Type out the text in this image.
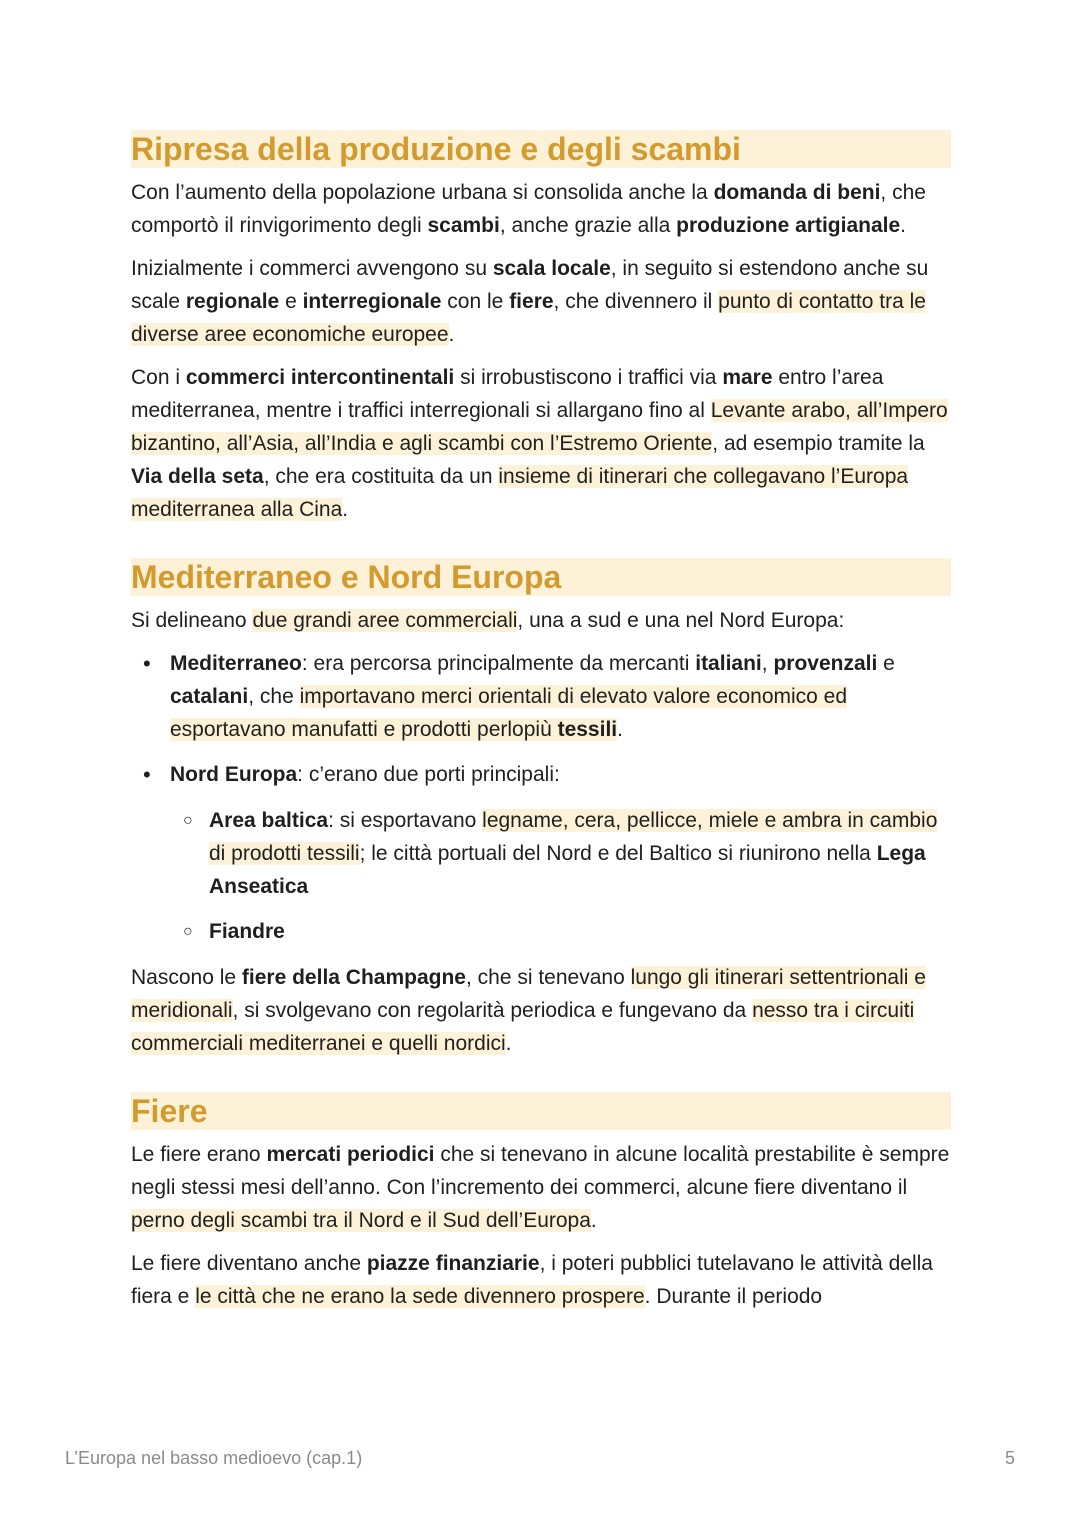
Ripresa della produzione e degli scambi

Con l’aumento della popolazione urbana si consolida anche la domanda di beni, che comportò il rinvigorimento degli scambi, anche grazie alla produzione artigianale.

Inizialmente i commerci avvengono su scala locale, in seguito si estendono anche su scale regionale e interregionale con le fiere, che divennero il punto di contatto tra le diverse aree economiche europee.

Con i commerci intercontinentali si irrobustiscono i traffici via mare entro l’area mediterranea, mentre i traffici interregionali si allargano fino al Levante arabo, all’Impero bizantino, all’Asia, all’India e agli scambi con l’Estremo Oriente, ad esempio tramite la Via della seta, che era costituita da un insieme di itinerari che collegavano l’Europa mediterranea alla Cina.

Mediterraneo e Nord Europa

Si delineano due grandi aree commerciali, una a sud e una nel Nord Europa:

• Mediterraneo: era percorsa principalmente da mercanti italiani, provenzali e catalani, che importavano merci orientali di elevato valore economico ed esportavano manufatti e prodotti perlopiù tessili.
• Nord Europa: c’erano due porti principali:
○ Area baltica: si esportavano legname, cera, pellicce, miele e ambra in cambio di prodotti tessili; le città portuali del Nord e del Baltico si riunirono nella Lega Anseatica
○ Fiandre

Nascono le fiere della Champagne, che si tenevano lungo gli itinerari settentrionali e meridionali, si svolgevano con regolarità periodica e fungevano da nesso tra i circuiti commerciali mediterranei e quelli nordici.

Fiere

Le fiere erano mercati periodici che si tenevano in alcune località prestabilite è sempre negli stessi mesi dell’anno. Con l’incremento dei commerci, alcune fiere diventano il perno degli scambi tra il Nord e il Sud dell’Europa.

Le fiere diventano anche piazze finanziarie, i poteri pubblici tutelavano le attività della fiera e le città che ne erano la sede divennero prospere. Durante il periodo

L’Europa nel basso medioevo (cap.1)	5
